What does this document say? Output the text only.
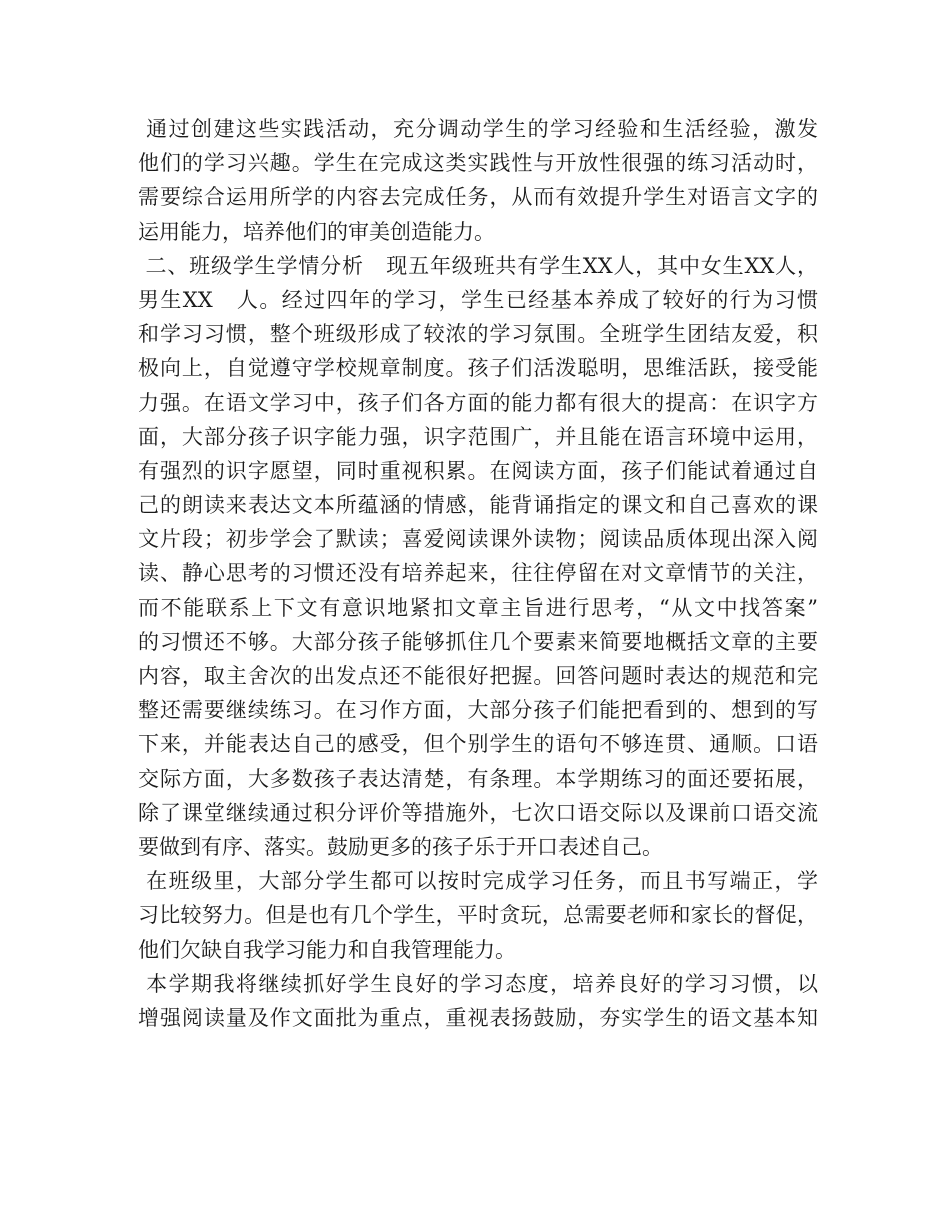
通过创建这些实践活动，充分调动学生的学习经验和生活经验，激发
他们的学习兴趣。学生在完成这类实践性与开放性很强的练习活动时，
需要综合运用所学的内容去完成任务，从而有效提升学生对语言文字的
运用能力，培养他们的审美创造能力。
二、班级学生学情分析   现五年级班共有学生XX人，其中女生XX人，
男生XX   人。经过四年的学习，学生已经基本养成了较好的行为习惯
和学习习惯，整个班级形成了较浓的学习氛围。全班学生团结友爱，积
极向上，自觉遵守学校规章制度。孩子们活泼聪明，思维活跃，接受能
力强。在语文学习中，孩子们各方面的能力都有很大的提高：在识字方
面，大部分孩子识字能力强，识字范围广，并且能在语言环境中运用，
有强烈的识字愿望，同时重视积累。在阅读方面，孩子们能试着通过自
己的朗读来表达文本所蕴涵的情感，能背诵指定的课文和自己喜欢的课
文片段；初步学会了默读；喜爱阅读课外读物；阅读品质体现出深入阅
读、静心思考的习惯还没有培养起来，往往停留在对文章情节的关注，
而不能联系上下文有意识地紧扣文章主旨进行思考，“从文中找答案”
的习惯还不够。大部分孩子能够抓住几个要素来简要地概括文章的主要
内容，取主舍次的出发点还不能很好把握。回答问题时表达的规范和完
整还需要继续练习。在习作方面，大部分孩子们能把看到的、想到的写
下来，并能表达自己的感受，但个别学生的语句不够连贯、通顺。口语
交际方面，大多数孩子表达清楚，有条理。本学期练习的面还要拓展，
除了课堂继续通过积分评价等措施外，七次口语交际以及课前口语交流
要做到有序、落实。鼓励更多的孩子乐于开口表述自己。
在班级里，大部分学生都可以按时完成学习任务，而且书写端正，学
习比较努力。但是也有几个学生，平时贪玩，总需要老师和家长的督促，
他们欠缺自我学习能力和自我管理能力。
本学期我将继续抓好学生良好的学习态度，培养良好的学习习惯，以
增强阅读量及作文面批为重点，重视表扬鼓励，夯实学生的语文基本知
